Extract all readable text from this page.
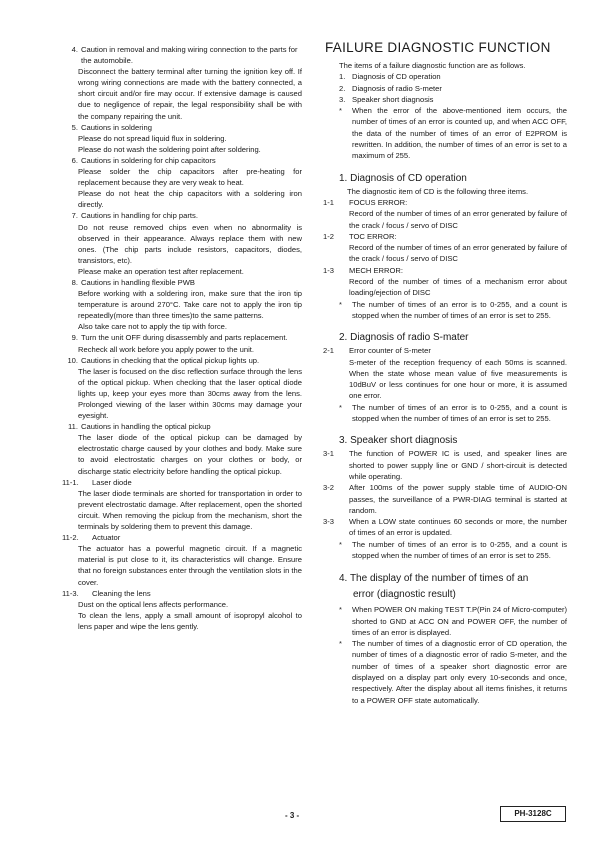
4. Caution in removal and making wiring connection to the parts for the automobile.
Disconnect the battery terminal after turning the ignition key off. If wrong wiring connections are made with the battery connected, a short circuit and/or fire may occur. If extensive damage is caused due to negligence of repair, the legal responsibility shall be with the company repairing the unit.
5. Cautions in soldering
Please do not spread liquid flux in soldering.
Please do not wash the soldering point after soldering.
6. Cautions in soldering for chip capacitors
Please solder the chip capacitors after pre-heating for replacement because they are very weak to heat.
Please do not heat the chip capacitors with a soldering iron directly.
7. Cautions in handling for chip parts.
Do not reuse removed chips even when no abnormality is observed in their appearance. Always replace them with new ones. (The chip parts include resistors, capacitors, diodes, transistors, etc).
Please make an operation test after replacement.
8. Cautions in handling flexible PWB
Before working with a soldering iron, make sure that the iron tip temperature is around 270°C. Take care not to apply the iron tip repeatedly(more than three times)to the same patterns.
Also take care not to apply the tip with force.
9. Turn the unit OFF during disassembly and parts replacement.
Recheck all work before you apply power to the unit.
10. Cautions in checking that the optical pickup lights up.
The laser is focused on the disc reflection surface through the lens of the optical pickup. When checking that the laser optical diode lights up, keep your eyes more than 30cms away from the lens. Prolonged viewing of the laser within 30cms may damage your eyesight.
11. Cautions in handling the optical pickup
The laser diode of the optical pickup can be damaged by electrostatic charge caused by your clothes and body. Make sure to avoid electrostatic charges on your clothes or body, or discharge static electricity before handling the optical pickup.
11-1.	Laser diode
The laser diode terminals are shorted for transportation in order to prevent electrostatic damage. After replacement, open the shorted circuit. When removing the pickup from the mechanism, short the terminals by soldering them to prevent this damage.
11-2.	Actuator
The actuator has a powerful magnetic circuit. If a magnetic material is put close to it, its characteristics will change. Ensure that no foreign substances enter through the ventilation slots in the cover.
11-3.	Cleaning the lens
Dust on the optical lens affects performance.
To clean the lens, apply a small amount of isopropyl alcohol to lens paper and wipe the lens gently.
FAILURE DIAGNOSTIC FUNCTION
The items of a failure diagnostic function are as follows.
1. Diagnosis of CD operation
2. Diagnosis of radio S-meter
3. Speaker short diagnosis
*	When the error of the above-mentioned item occurs, the number of times of an error is counted up, and when ACC OFF, the data of the number of times of an error of E2PROM is rewritten. In addition, the number of times of an error is set to a maximum of 255.
1. Diagnosis of CD operation
The diagnostic item of CD is the following three items.
1-1	FOCUS ERROR:
Record of the number of times of an error generated by failure of the crack / focus / servo of DISC
1-2	TOC ERROR:
Record of the number of times of an error generated by failure of the crack / focus / servo of DISC
1-3	MECH ERROR:
Record of the number of times of a mechanism error about loading/ejection of DISC
*	The number of times of an error is to 0-255, and a count is stopped when the number of times of an error is set to 255.
2. Diagnosis of radio S-mater
2-1	Error counter of S-meter
S-meter of the reception frequency of each 50ms is scanned. When the state whose mean value of five measurements is 10dBuV or less continues for one hour or more, it is assumed one error.
*	The number of times of an error is to 0-255, and a count is stopped when the number of times of an error is set to 255.
3. Speaker short diagnosis
3-1	The function of POWER IC is used, and speaker lines are shorted to power supply line or GND / short-circuit is detected while operating.
3-2	After 100ms of the power supply stable time of AUDIO-ON passes, the surveillance of a PWR-DIAG terminal is started at random.
3-3	When a LOW state continues 60 seconds or more, the number of times of an error is updated.
*	The number of times of an error is to 0-255, and a count is stopped when the number of times of an error is set to 255.
4. The display of the number of times of an
error (diagnostic result)
*	When POWER ON making TEST T.P(Pin 24 of Micro-computer) shorted to GND at ACC ON and POWER OFF, the number of times of an error is displayed.
*	The number of times of a diagnostic error of CD operation, the number of times of a diagnostic error of radio S-meter, and the number of times of a speaker short diagnostic error are displayed on a display part only every 10-seconds and once, respectively. After the display about all items finishes, it returns to a POWER OFF state automatically.
- 3 -	PH-3128C
